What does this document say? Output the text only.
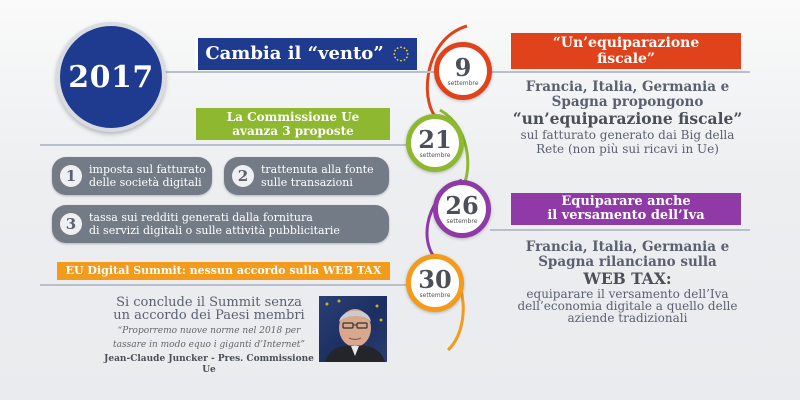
2017
Cambia il “vento”
La Commissione Ue
avanza 3 proposte
“Un’equiparazione
fiscale”
Equiparare anche
il versamento dell’Iva
EU Digital Summit: nessun accordo sulla WEB TAX
9
settembre
21
settembre
26
settembre
30
settembre
1	imposta sul fatturato
delle società digitali	2	trattenuta alla fonte
sulle transazioni
3	tassa sui redditi generati dalla fornitura
di servizi digitali o sulle attività pubblicitarie
Francia, Italia, Germania e
Spagna propongono
“un’equiparazione fiscale”
sul fatturato generato dai Big della
Rete (non più sui ricavi in Ue)
Francia, Italia, Germania e
Spagna rilanciano sulla
WEB TAX:
equiparare il versamento dell’Iva
dell’economia digitale a quello delle
aziende tradizionali
Si conclude il Summit senza
un accordo dei Paesi membri
“Proporremo nuove norme nel 2018 per
tassare in modo equo i giganti d’Internet”
Jean-Claude Juncker - Pres. Commissione Ue
